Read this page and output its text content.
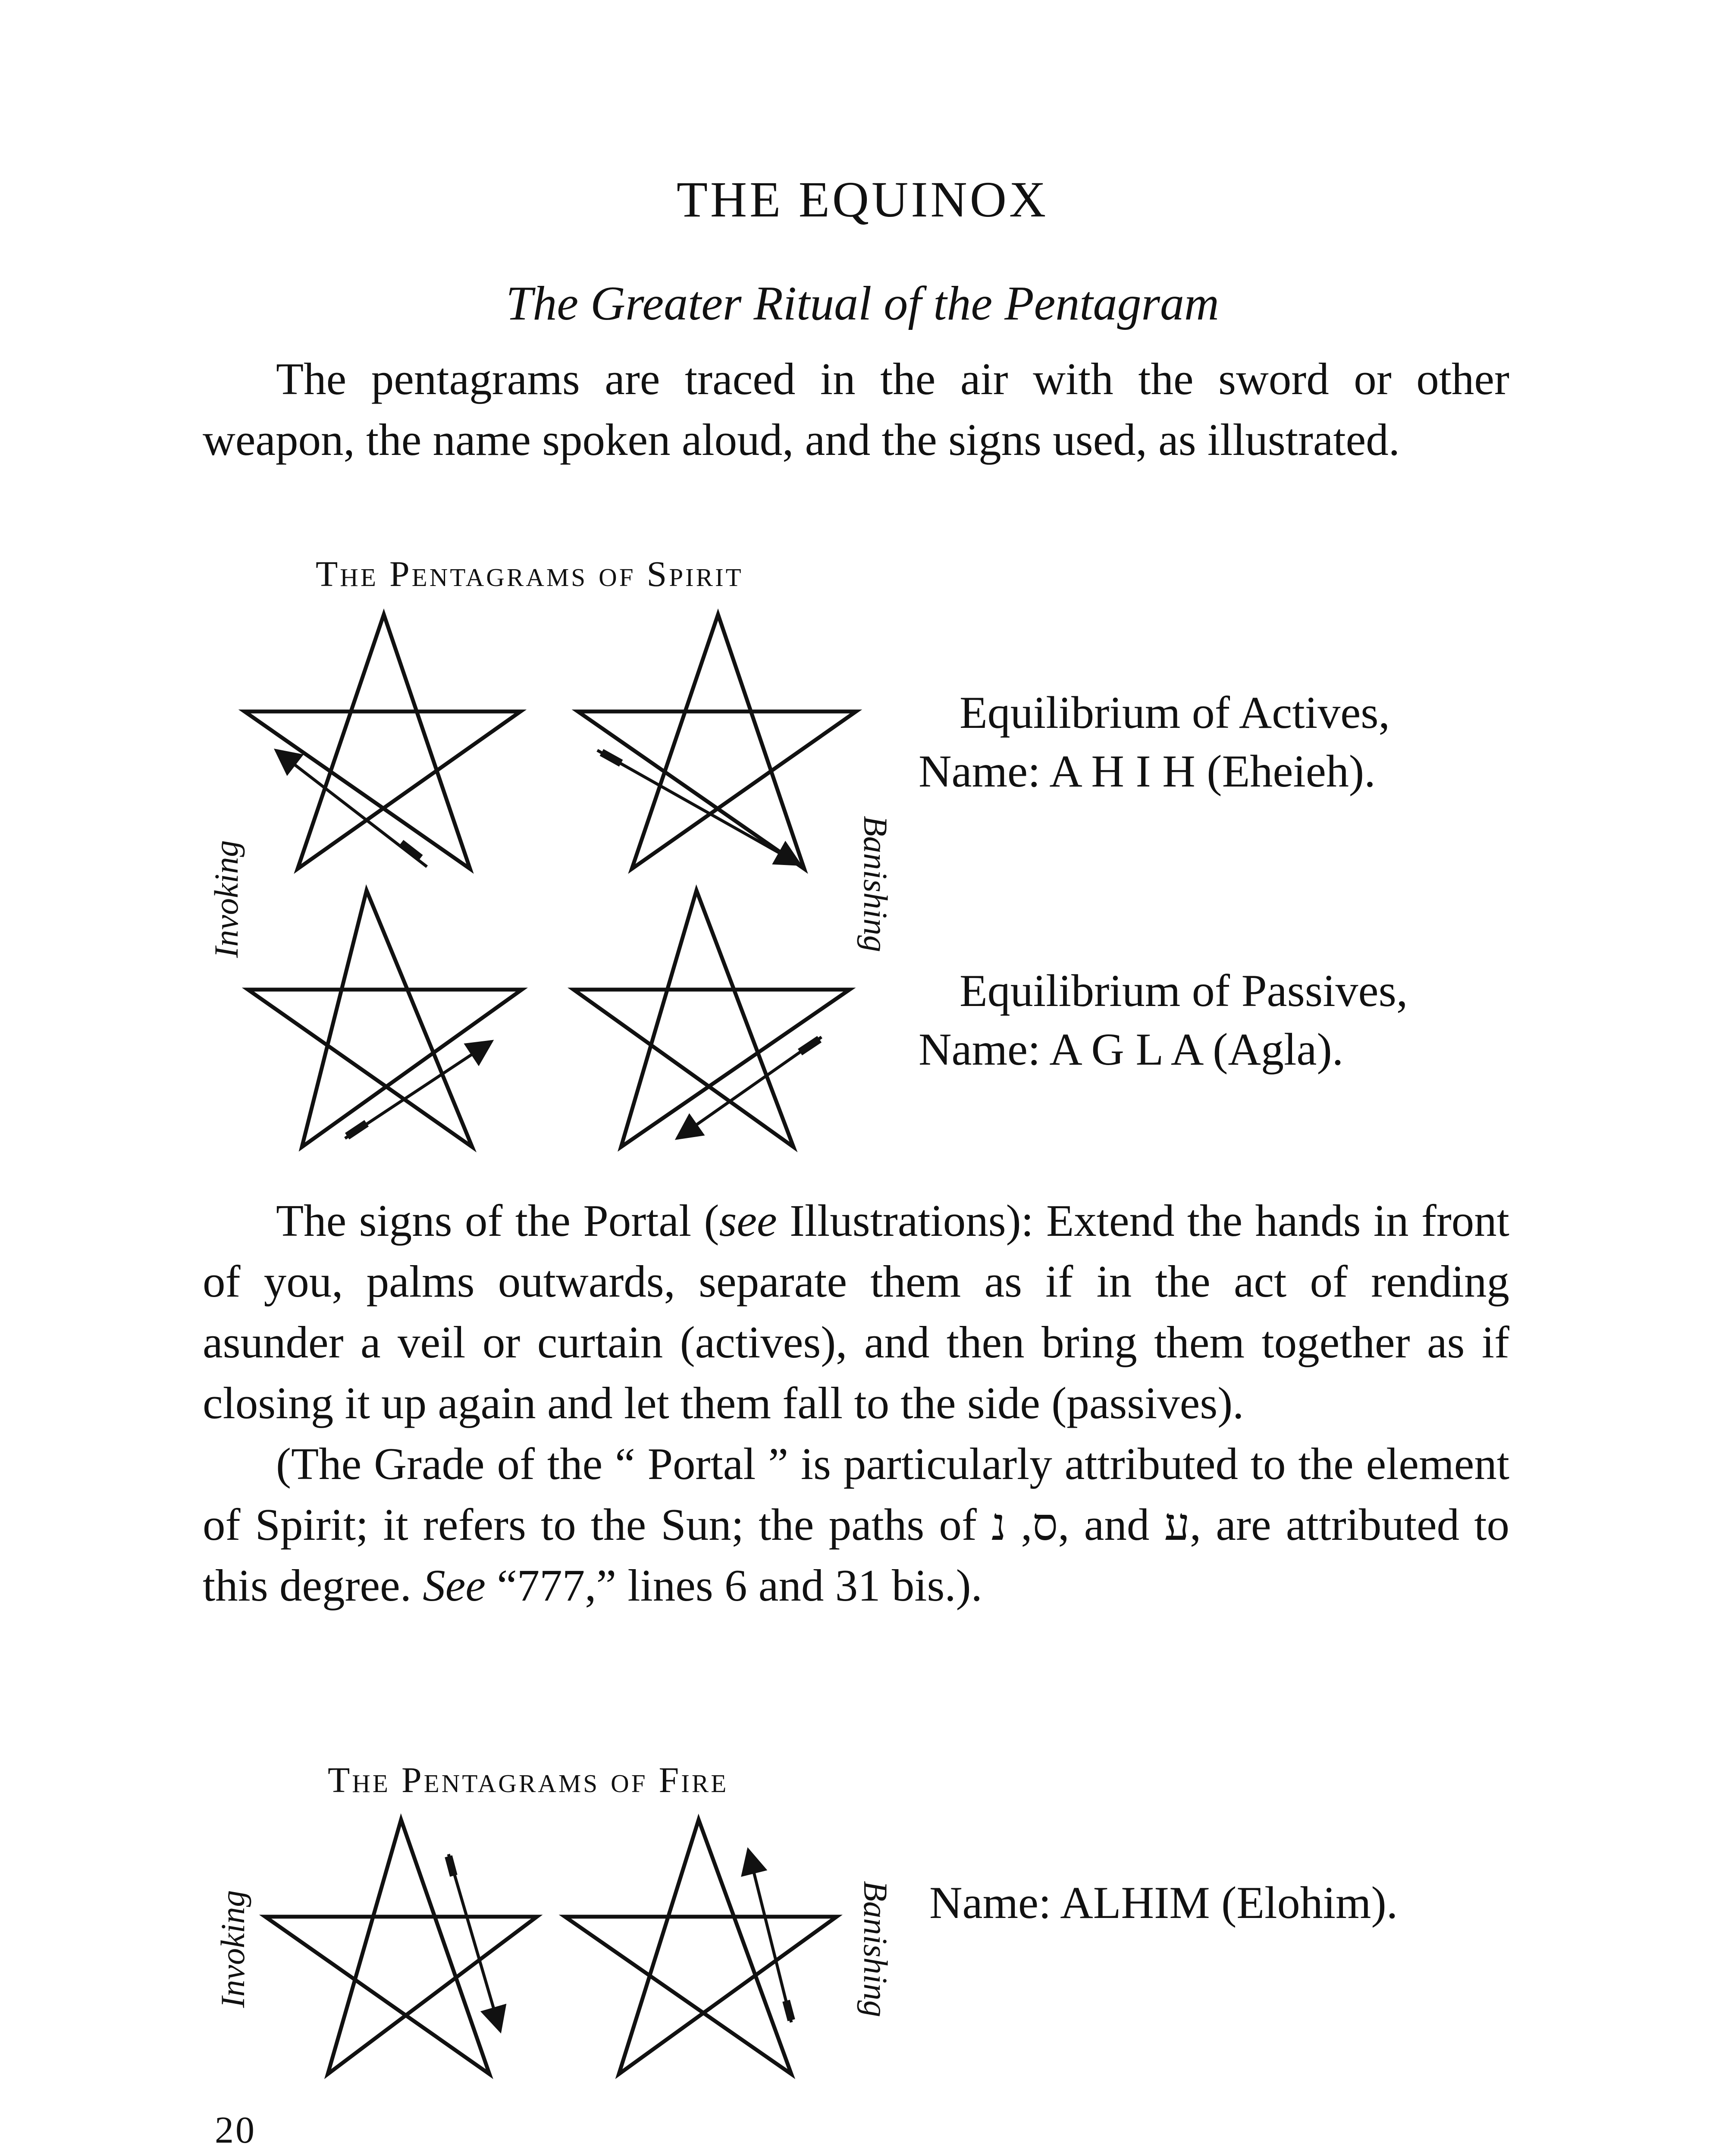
THE EQUINOX
The Greater Ritual of the Pentagram

The pentagrams are traced in the air with the sword or other weapon, the name spoken aloud, and the signs used, as illustrated.

The Pentagrams of Spirit
Invoking	Banishing
Equilibrium of Actives,
Name: A H I H (Eheieh).
Equilibrium of Passives,
Name: A G L A (Agla).

The signs of the Portal (see Illustrations): Extend the hands in front of you, palms outwards, separate them as if in the act of rending asunder a veil or curtain (actives), and then bring them together as if closing it up again and let them fall to the side (passives).

(The Grade of the “ Portal ” is particularly attributed to the element of Spirit; it refers to the Sun; the paths of ס, נ, and ע, are attributed to this degree. See “777,” lines 6 and 31 bis.).

The Pentagrams of Fire
Invoking	Banishing Name: ALHIM (Elohim).
20
